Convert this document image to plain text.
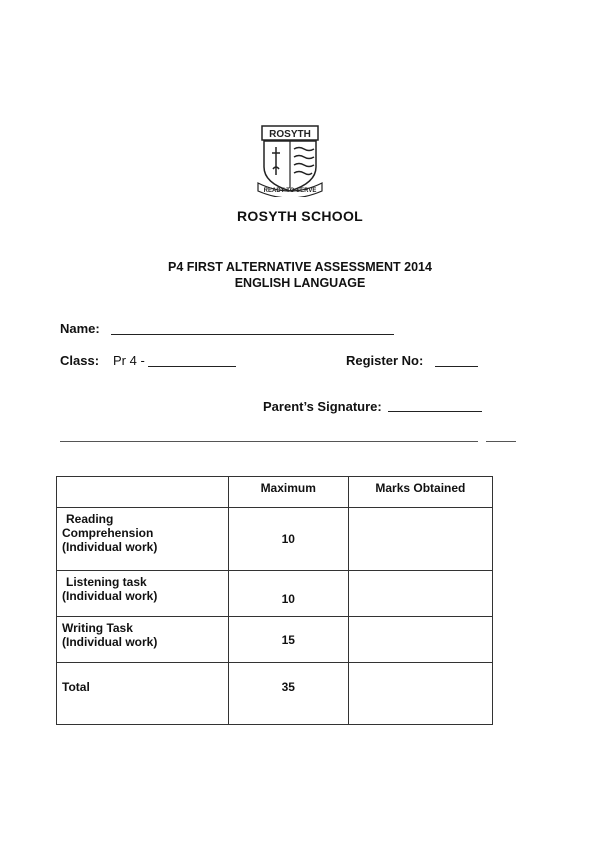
ROSYTH
READY TO SERVE
ROSYTH SCHOOL
P4 FIRST ALTERNATIVE ASSESSMENT 2014
ENGLISH LANGUAGE
Name:
Class: Pr 4 -	Register No:
Parent’s Signature:

	Maximum	Marks Obtained

Reading
Comprehension
(Individual work)	10	

Listening task
(Individual work)	10	

Writing Task
(Individual work)	15	

Total	35	
